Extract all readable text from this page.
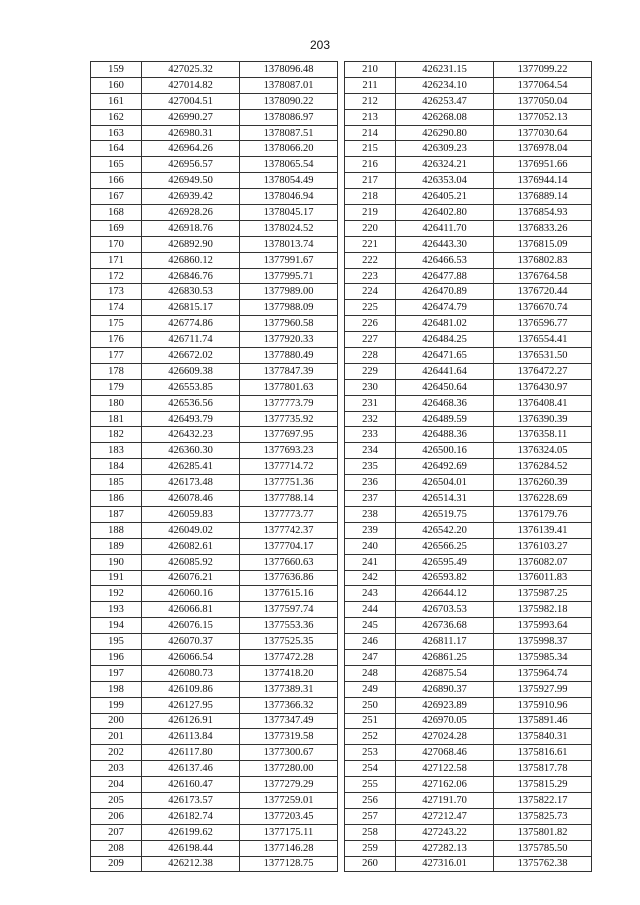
203
159	427025.32	1378096.48
160	427014.82	1378087.01
161	427004.51	1378090.22
162	426990.27	1378086.97
163	426980.31	1378087.51
164	426964.26	1378066.20
165	426956.57	1378065.54
166	426949.50	1378054.49
167	426939.42	1378046.94
168	426928.26	1378045.17
169	426918.76	1378024.52
170	426892.90	1378013.74
171	426860.12	1377991.67
172	426846.76	1377995.71
173	426830.53	1377989.00
174	426815.17	1377988.09
175	426774.86	1377960.58
176	426711.74	1377920.33
177	426672.02	1377880.49
178	426609.38	1377847.39
179	426553.85	1377801.63
180	426536.56	1377773.79
181	426493.79	1377735.92
182	426432.23	1377697.95
183	426360.30	1377693.23
184	426285.41	1377714.72
185	426173.48	1377751.36
186	426078.46	1377788.14
187	426059.83	1377773.77
188	426049.02	1377742.37
189	426082.61	1377704.17
190	426085.92	1377660.63
191	426076.21	1377636.86
192	426060.16	1377615.16
193	426066.81	1377597.74
194	426076.15	1377553.36
195	426070.37	1377525.35
196	426066.54	1377472.28
197	426080.73	1377418.20
198	426109.86	1377389.31
199	426127.95	1377366.32
200	426126.91	1377347.49
201	426113.84	1377319.58
202	426117.80	1377300.67
203	426137.46	1377280.00
204	426160.47	1377279.29
205	426173.57	1377259.01
206	426182.74	1377203.45
207	426199.62	1377175.11
208	426198.44	1377146.28
209	426212.38	1377128.75
210	426231.15	1377099.22
211	426234.10	1377064.54
212	426253.47	1377050.04
213	426268.08	1377052.13
214	426290.80	1377030.64
215	426309.23	1376978.04
216	426324.21	1376951.66
217	426353.04	1376944.14
218	426405.21	1376889.14
219	426402.80	1376854.93
220	426411.70	1376833.26
221	426443.30	1376815.09
222	426466.53	1376802.83
223	426477.88	1376764.58
224	426470.89	1376720.44
225	426474.79	1376670.74
226	426481.02	1376596.77
227	426484.25	1376554.41
228	426471.65	1376531.50
229	426441.64	1376472.27
230	426450.64	1376430.97
231	426468.36	1376408.41
232	426489.59	1376390.39
233	426488.36	1376358.11
234	426500.16	1376324.05
235	426492.69	1376284.52
236	426504.01	1376260.39
237	426514.31	1376228.69
238	426519.75	1376179.76
239	426542.20	1376139.41
240	426566.25	1376103.27
241	426595.49	1376082.07
242	426593.82	1376011.83
243	426644.12	1375987.25
244	426703.53	1375982.18
245	426736.68	1375993.64
246	426811.17	1375998.37
247	426861.25	1375985.34
248	426875.54	1375964.74
249	426890.37	1375927.99
250	426923.89	1375910.96
251	426970.05	1375891.46
252	427024.28	1375840.31
253	427068.46	1375816.61
254	427122.58	1375817.78
255	427162.06	1375815.29
256	427191.70	1375822.17
257	427212.47	1375825.73
258	427243.22	1375801.82
259	427282.13	1375785.50
260	427316.01	1375762.38
